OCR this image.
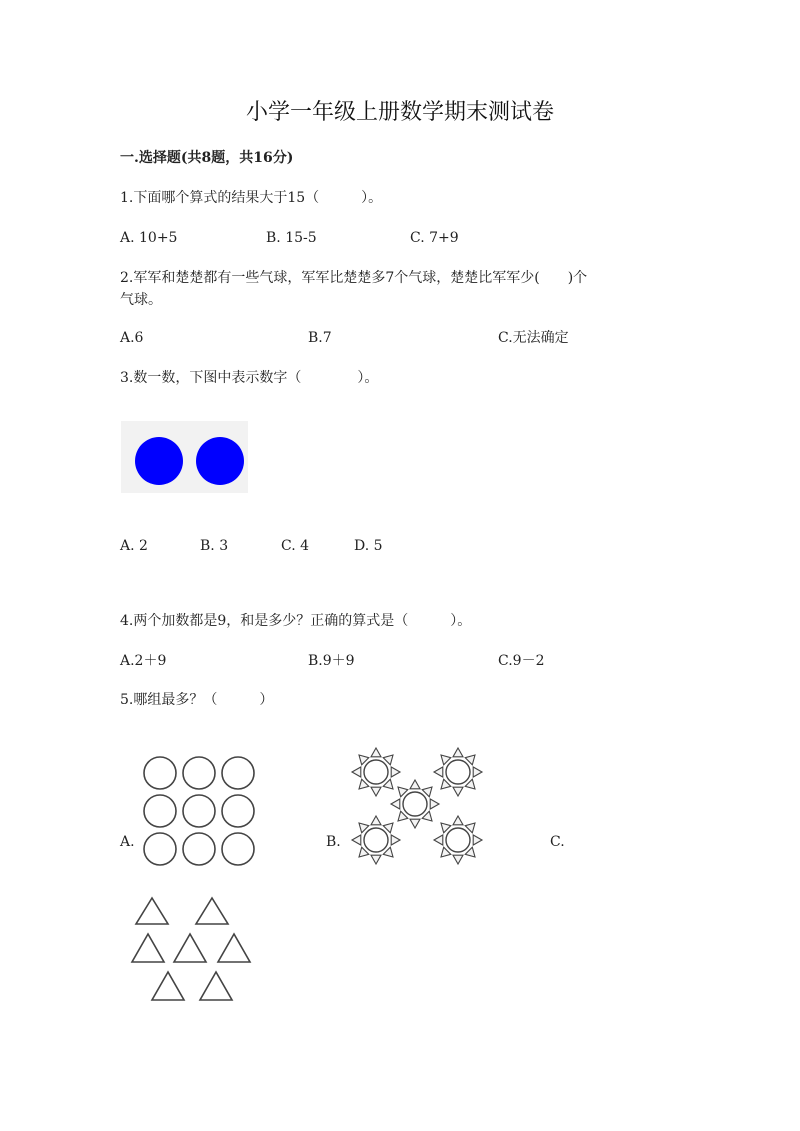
小学一年级上册数学期末测试卷
一.选择题(共8题，共16分)
1.下面哪个算式的结果大于15（　　　）。
A. 10+5	B. 15-5	C. 7+9
2.军军和楚楚都有一些气球，军军比楚楚多7个气球，楚楚比军军少(　　)个
气球。
A.6	B.7	C.无法确定
3.数一数，下图中表示数字（　　　　）。
A. 2	B. 3	C. 4	D. 5
4.两个加数都是9，和是多少？正确的算式是（　　　）。
A.2＋9	B.9＋9	C.9－2
5.哪组最多？（　　　）
A.	B.	C.
